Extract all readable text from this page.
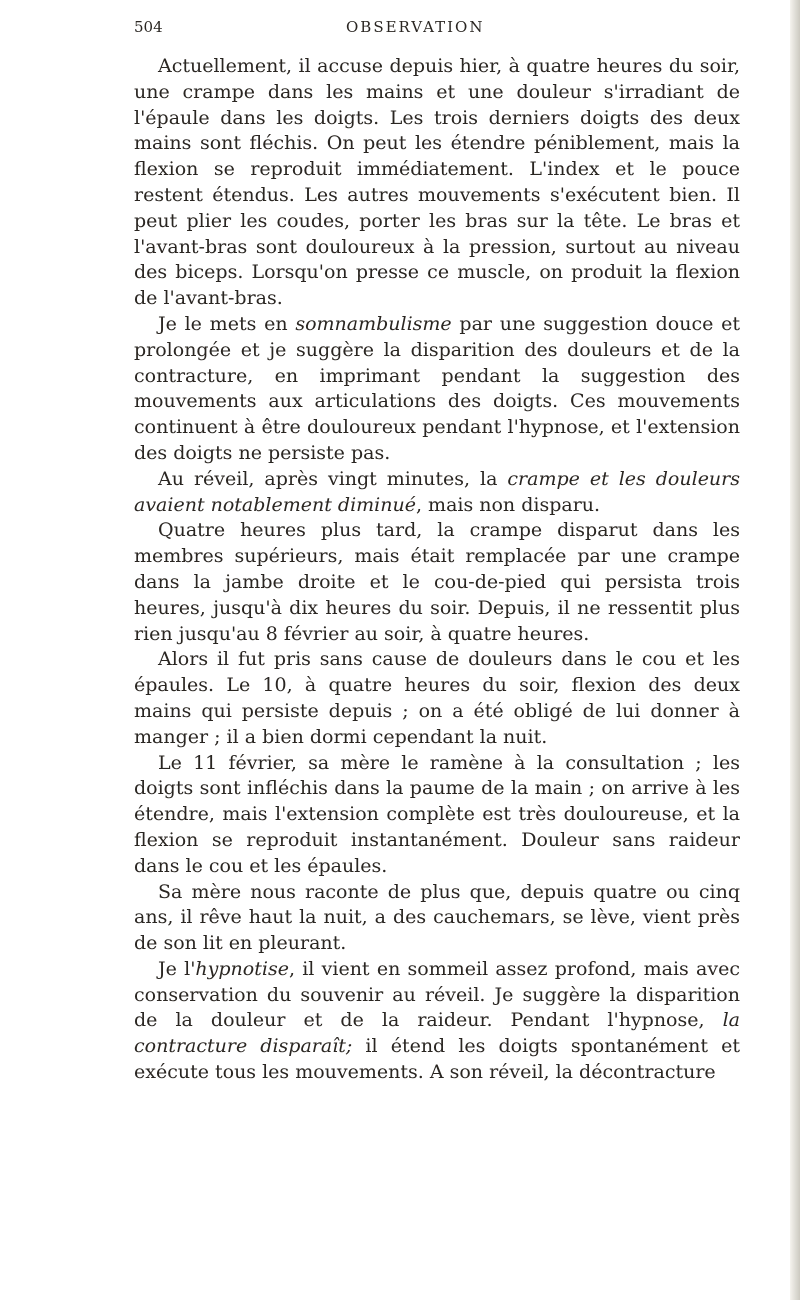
504	OBSERVATION

Actuellement, il accuse depuis hier, à quatre heures du soir, une crampe dans les mains et une douleur s'irradiant de l'épaule dans les doigts. Les trois derniers doigts des deux mains sont fléchis. On peut les étendre péniblement, mais la flexion se reproduit immédiatement. L'index et le pouce restent étendus. Les autres mouvements s'exécutent bien. Il peut plier les coudes, porter les bras sur la tête. Le bras et l'avant-bras sont douloureux à la pression, surtout au niveau des biceps. Lorsqu'on presse ce muscle, on produit la flexion de l'avant-bras.

Je le mets en somnambulisme par une suggestion douce et prolongée et je suggère la disparition des douleurs et de la contracture, en imprimant pendant la suggestion des mouvements aux articulations des doigts. Ces mouvements continuent à être douloureux pendant l'hypnose, et l'extension des doigts ne persiste pas.

Au réveil, après vingt minutes, la crampe et les douleurs avaient notablement diminué, mais non disparu.

Quatre heures plus tard, la crampe disparut dans les membres supérieurs, mais était remplacée par une crampe dans la jambe droite et le cou-de-pied qui persista trois heures, jusqu'à dix heures du soir. Depuis, il ne ressentit plus rien jusqu'au 8 février au soir, à quatre heures.

Alors il fut pris sans cause de douleurs dans le cou et les épaules. Le 10, à quatre heures du soir, flexion des deux mains qui persiste depuis ; on a été obligé de lui donner à manger ; il a bien dormi cependant la nuit.

Le 11 février, sa mère le ramène à la consultation ; les doigts sont infléchis dans la paume de la main ; on arrive à les étendre, mais l'extension complète est très douloureuse, et la flexion se reproduit instantanément. Douleur sans raideur dans le cou et les épaules.

Sa mère nous raconte de plus que, depuis quatre ou cinq ans, il rêve haut la nuit, a des cauchemars, se lève, vient près de son lit en pleurant.

Je l'hypnotise, il vient en sommeil assez profond, mais avec conservation du souvenir au réveil. Je suggère la disparition de la douleur et de la raideur. Pendant l'hypnose, la contracture disparaît; il étend les doigts spontanément et exécute tous les mouvements. A son réveil, la décontracture
